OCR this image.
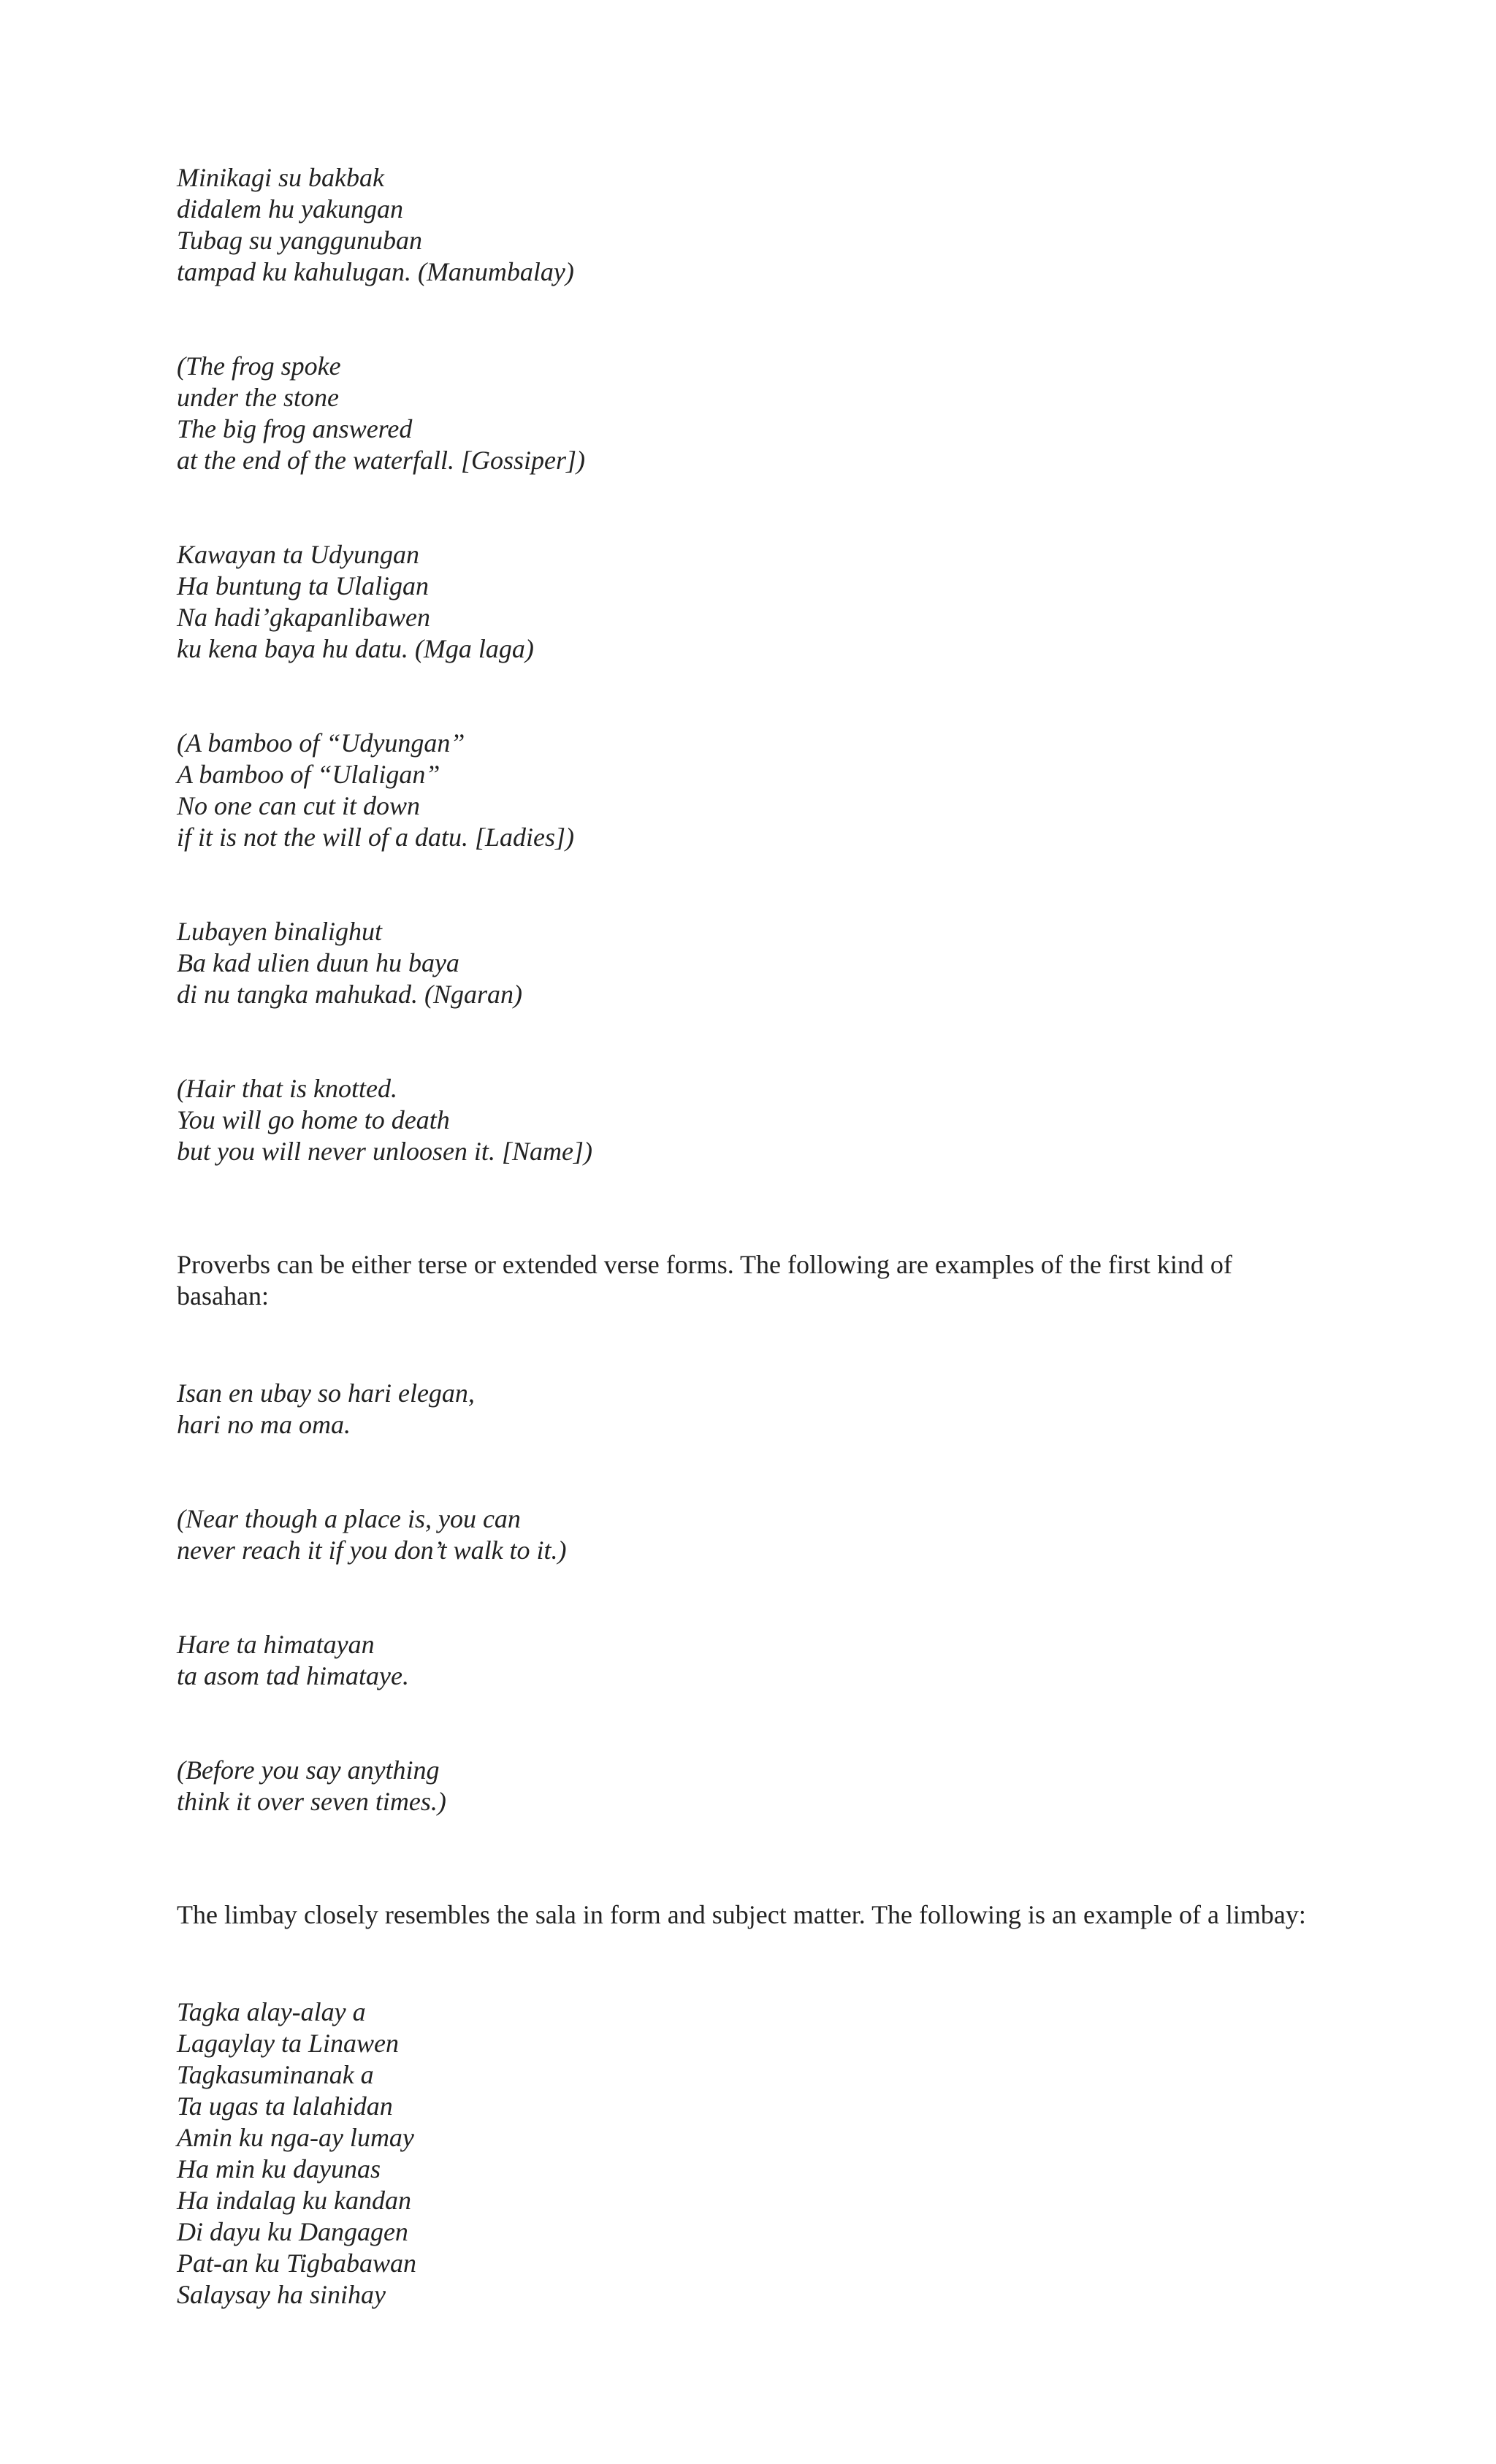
Minikagi su bakbak
didalem hu yakungan
Tubag su yanggunuban
tampad ku kahulugan. (Manumbalay)
(The frog spoke
under the stone
The big frog answered
at the end of the waterfall. [Gossiper])
Kawayan ta Udyungan
Ha buntung ta Ulaligan
Na hadi’gkapanlibawen
ku kena baya hu datu. (Mga laga)
(A bamboo of “Udyungan”
A bamboo of “Ulaligan”
No one can cut it down
if it is not the will of a datu. [Ladies])
Lubayen binalighut
Ba kad ulien duun hu baya
di nu tangka mahukad. (Ngaran)
(Hair that is knotted.
You will go home to death
but you will never unloosen it. [Name])

Proverbs can be either terse or extended verse forms. The following are examples of the first kind of basahan:

Isan en ubay so hari elegan,
hari no ma oma.
(Near though a place is, you can
never reach it if you don’t walk to it.)
Hare ta himatayan
ta asom tad himataye.
(Before you say anything
think it over seven times.)

The limbay closely resembles the sala in form and subject matter. The following is an example of a limbay:

Tagka alay-alay a
Lagaylay ta Linawen
Tagkasuminanak a
Ta ugas ta lalahidan
Amin ku nga-ay lumay
Ha min ku dayunas
Ha indalag ku kandan
Di dayu ku Dangagen
Pat-an ku Tigbabawan
Salaysay ha sinihay
